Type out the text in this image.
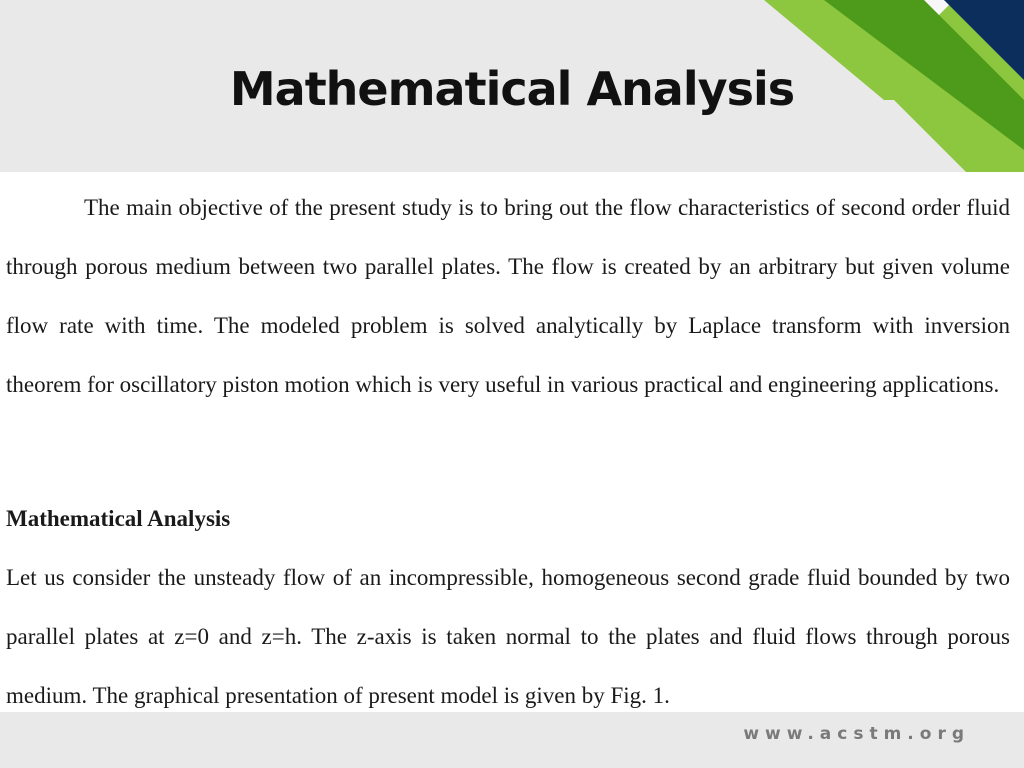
Mathematical Analysis

The main objective of the present study is to bring out the flow characteristics of second order fluid through porous medium between two parallel plates. The flow is created by an arbitrary but given volume flow rate with time. The modeled problem is solved analytically by Laplace transform with inversion theorem for oscillatory piston motion which is very useful in various practical and engineering applications.

Mathematical Analysis

Let us consider the unsteady flow of an incompressible, homogeneous second grade fluid bounded by two parallel plates at z=0 and z=h. The z-axis is taken normal to the plates and fluid flows through porous medium. The graphical presentation of present model is given by Fig. 1.

www.acstm.org
